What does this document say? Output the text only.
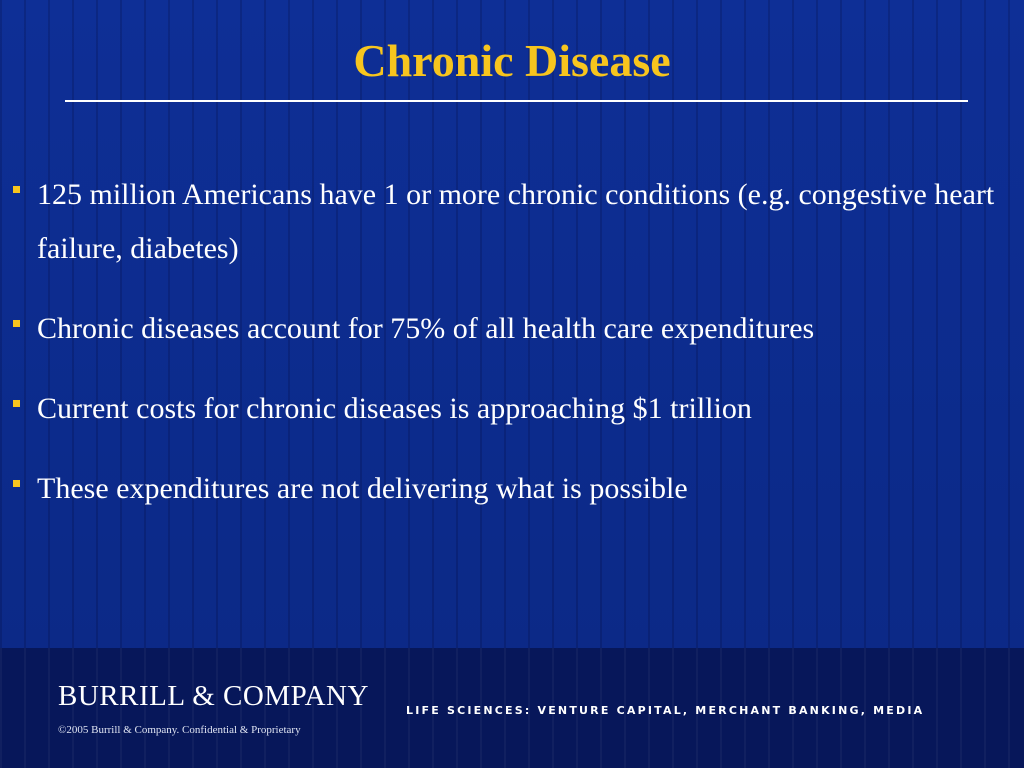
Chronic Disease
125 million Americans have 1 or more chronic conditions (e.g. congestive heart failure, diabetes)
Chronic diseases account for 75% of all health care expenditures
Current costs for chronic diseases is approaching $1 trillion
These expenditures are not delivering what is possible
BURRILL & COMPANY
©2005 Burrill & Company. Confidential & Proprietary
LIFE SCIENCES: VENTURE CAPITAL, MERCHANT BANKING, MEDIA
